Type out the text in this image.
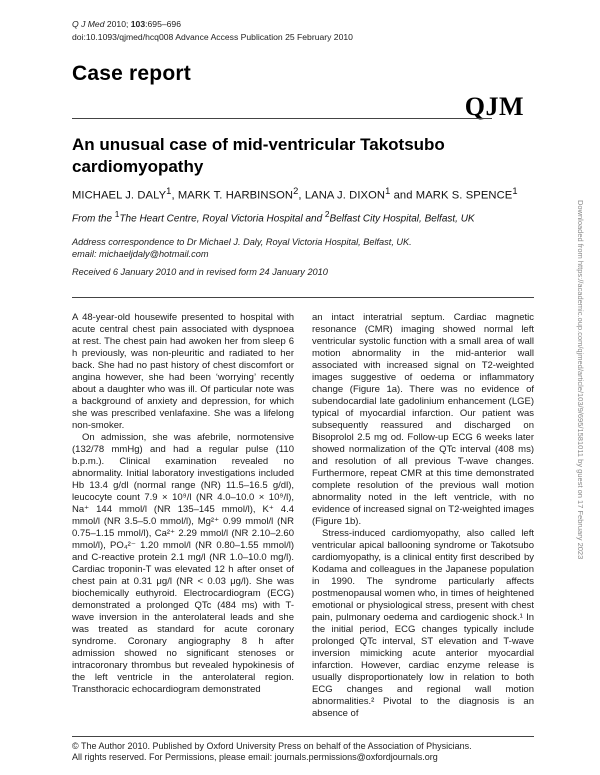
Q J Med 2010; 103:695–696
doi:10.1093/qjmed/hcq008 Advance Access Publication 25 February 2010
Case report
QJM
An unusual case of mid-ventricular Takotsubo cardiomyopathy
MICHAEL J. DALY$^1$, MARK T. HARBINSON$^2$, LANA J. DIXON$^1$ and MARK S. SPENCE$^1$
From the $^1$The Heart Centre, Royal Victoria Hospital and $^2$Belfast City Hospital, Belfast, UK
Address correspondence to Dr Michael J. Daly, Royal Victoria Hospital, Belfast, UK.
email: michaeljdaly@hotmail.com
Received 6 January 2010 and in revised form 24 January 2010

A 48-year-old housewife presented to hospital with acute central chest pain associated with dyspnoea at rest. The chest pain had awoken her from sleep 6 h previously, was non-pleuritic and radiated to her back. She had no past history of chest discomfort or angina however, she had been ‘worrying’ recently about a daughter who was ill. Of particular note was a background of anxiety and depression, for which she was prescribed venlafaxine. She was a lifelong non-smoker.

On admission, she was afebrile, normotensive (132/78 mmHg) and had a regular pulse (110 b.p.m.). Clinical examination revealed no abnormality. Initial laboratory investigations included Hb 13.4 g/dl (normal range (NR) 11.5–16.5 g/dl), leucocyte count 7.9 × 10⁹/l (NR 4.0–10.0 × 10⁹/l), Na⁺ 144 mmol/l (NR 135–145 mmol/l), K⁺ 4.4 mmol/l (NR 3.5–5.0 mmol/l), Mg²⁺ 0.99 mmol/l (NR 0.75–1.15 mmol/l), Ca²⁺ 2.29 mmol/l (NR 2.10–2.60 mmol/l), PO₄²⁻ 1.20 mmol/l (NR 0.80–1.55 mmol/l) and C-reactive protein 2.1 mg/l (NR 1.0–10.0 mg/l). Cardiac troponin-T was elevated 12 h after onset of chest pain at 0.31 μg/l (NR < 0.03 μg/l). She was biochemically euthyroid. Electrocardiogram (ECG) demonstrated a prolonged QTc (484 ms) with T-wave inversion in the anterolateral leads and she was treated as standard for acute coronary syndrome. Coronary angiography 8 h after admission showed no significant stenoses or intracoronary thrombus but revealed hypokinesis of the left ventricle in the anterolateral region. Transthoracic echocardiogram demonstrated

an intact interatrial septum. Cardiac magnetic resonance (CMR) imaging showed normal left ventricular systolic function with a small area of wall motion abnormality in the mid-anterior wall associated with increased signal on T2-weighted images suggestive of oedema or inflammatory change (Figure 1a). There was no evidence of subendocardial late gadolinium enhancement (LGE) typical of myocardial infarction. Our patient was subsequently reassured and discharged on Bisoprolol 2.5 mg od. Follow-up ECG 6 weeks later showed normalization of the QTc interval (408 ms) and resolution of all previous T-wave changes. Furthermore, repeat CMR at this time demonstrated complete resolution of the previous wall motion abnormality noted in the left ventricle, with no evidence of increased signal on T2-weighted images (Figure 1b).

Stress-induced cardiomyopathy, also called left ventricular apical ballooning syndrome or Takotsubo cardiomyopathy, is a clinical entity first described by Kodama and colleagues in the Japanese population in 1990. The syndrome particularly affects postmenopausal women who, in times of heightened emotional or physiological stress, present with chest pain, pulmonary oedema and cardiogenic shock.¹ In the initial period, ECG changes typically include prolonged QTc interval, ST elevation and T-wave inversion mimicking acute anterior myocardial infarction. However, cardiac enzyme release is usually disproportionately low in relation to both ECG changes and regional wall motion abnormalities.² Pivotal to the diagnosis is an absence of

© The Author 2010. Published by Oxford University Press on behalf of the Association of Physicians.
All rights reserved. For Permissions, please email: journals.permissions@oxfordjournals.org
Downloaded from https://academic.oup.com/qjmed/article/103/9/695/1581011 by guest on 17 February 2023
